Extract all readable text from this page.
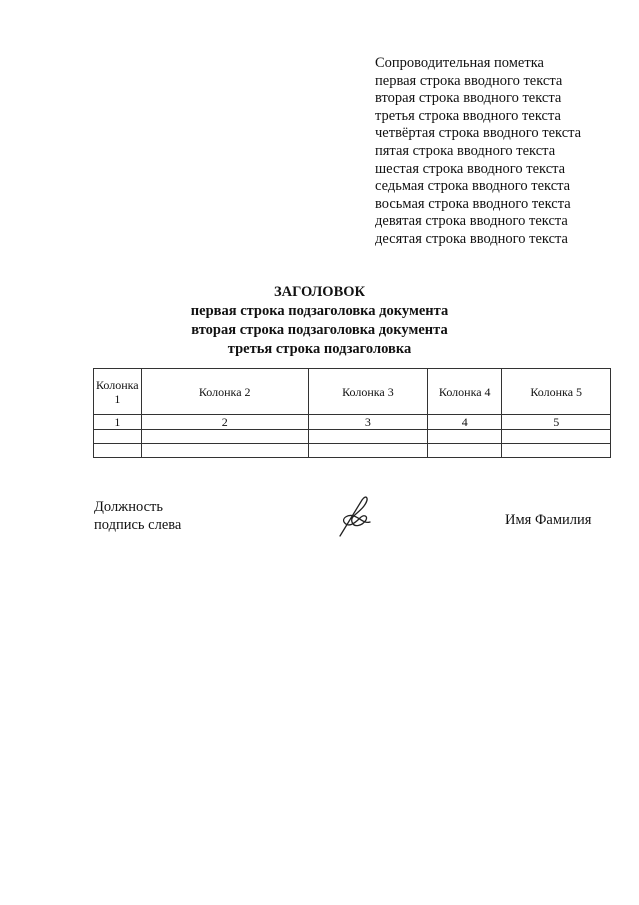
Сопроводительная пометка
первая строка вводного текста
вторая строка вводного текста
третья строка вводного текста
четвёртая строка вводного текста
пятая строка вводного текста
шестая строка вводного текста
седьмая строка вводного текста
восьмая строка вводного текста
девятая строка вводного текста
десятая строка вводного текста
ЗАГОЛОВОК
первая строка подзаголовка документа
вторая строка подзаголовка документа
третья строка подзаголовка
Колонка 1	Колонка 2	Колонка 3	Колонка 4	Колонка 5
1	2	3	4	5

Должность
подпись слева	Имя Фамилия
